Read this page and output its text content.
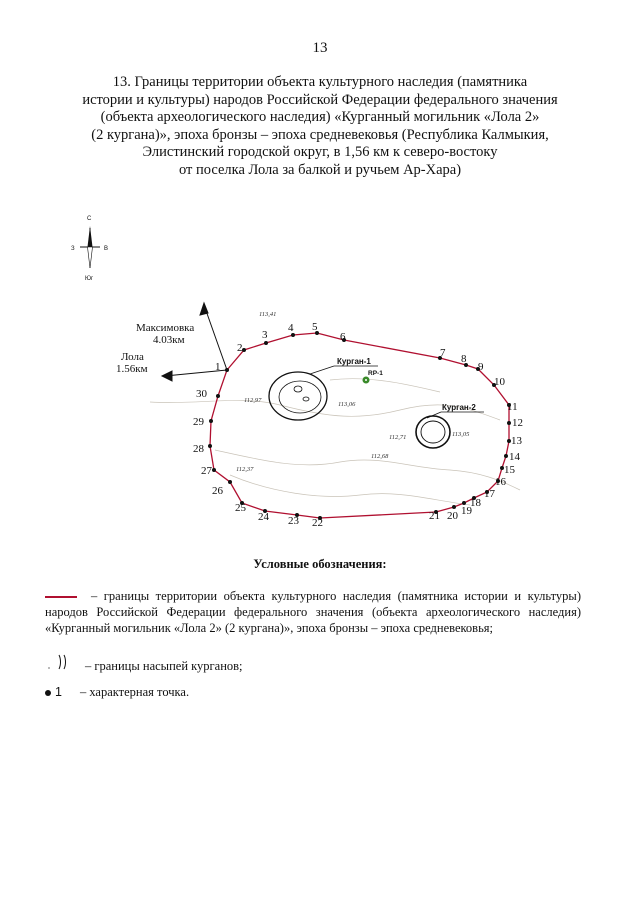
13
13. Границы территории объекта культурного наследия (памятника
истории и культуры) народов Российской Федерации федерального значения
(объекта археологического наследия) «Курганный могильник «Лола 2»
(2 кургана)», эпоха бронзы – эпоха средневековья (Республика Калмыкия,
Элистинский городской округ, в 1,56 км к северо-востоку
от поселка Лола за балкой и ручьем Ар-Хара)
С
Юг
З	В
Максимовка
4.03км
Лола
1.56км
Курган-1
RP-1
Курган-2
113,41
112,97
113,06
112,71	113,05
112,68
112,37
1
2
3
4 5
6
7 8
9
10
11
12
13
14
15
16
17
18
19
20
21
22
23
24
25
26
27
28
29
30
Условные обозначения:
– границы территории объекта культурного наследия (памятника истории и культуры) народов Российской Федерации федерального значения (объекта археологического наследия) «Курганный могильник «Лола 2» (2 кургана)», эпоха бронзы – эпоха средневековья;
– границы насыпей курганов;
1 – характерная точка.
